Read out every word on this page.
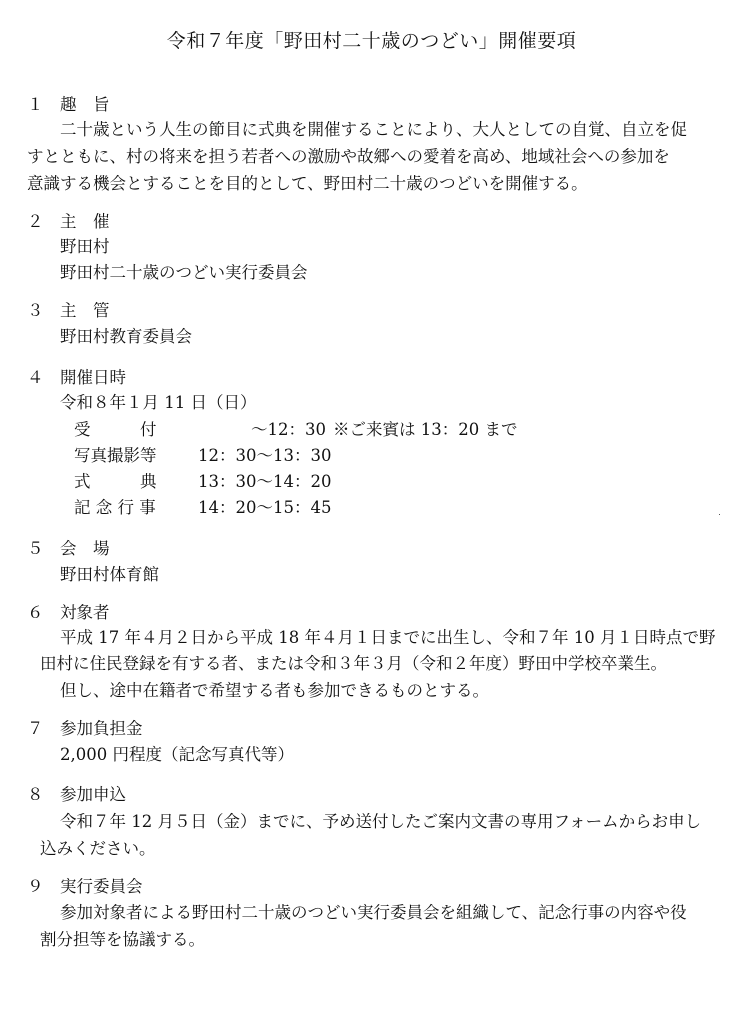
令和７年度「野田村二十歳のつどい」開催要項
１ 趣　旨
二十歳という人生の節目に式典を開催することにより、大人としての自覚、自立を促
すとともに、村の将来を担う若者への激励や故郷への愛着を高め、地域社会への参加を
意識する機会とすることを目的として、野田村二十歳のつどいを開催する。
２ 主　催
野田村
野田村二十歳のつどい実行委員会
３ 主　管
野田村教育委員会
４ 開催日時
令和８年１月 11 日（日）
受　　　付	～12：30 ※ご来賓は 13：20 まで
写真撮影等	12：30～13：30
式　　　典	13：30～14：20
記 念 行 事	14：20～15：45
５ 会　場
野田村体育館
６ 対象者
平成 17 年４月２日から平成 18 年４月１日までに出生し、令和７年 10 月１日時点で野
田村に住民登録を有する者、または令和３年３月（令和２年度）野田中学校卒業生。
但し、途中在籍者で希望する者も参加できるものとする。
７ 参加負担金
2,000 円程度（記念写真代等）
８ 参加申込
令和７年 12 月５日（金）までに、予め送付したご案内文書の専用フォームからお申し
込みください。
９ 実行委員会
参加対象者による野田村二十歳のつどい実行委員会を組織して、記念行事の内容や役
割分担等を協議する。
